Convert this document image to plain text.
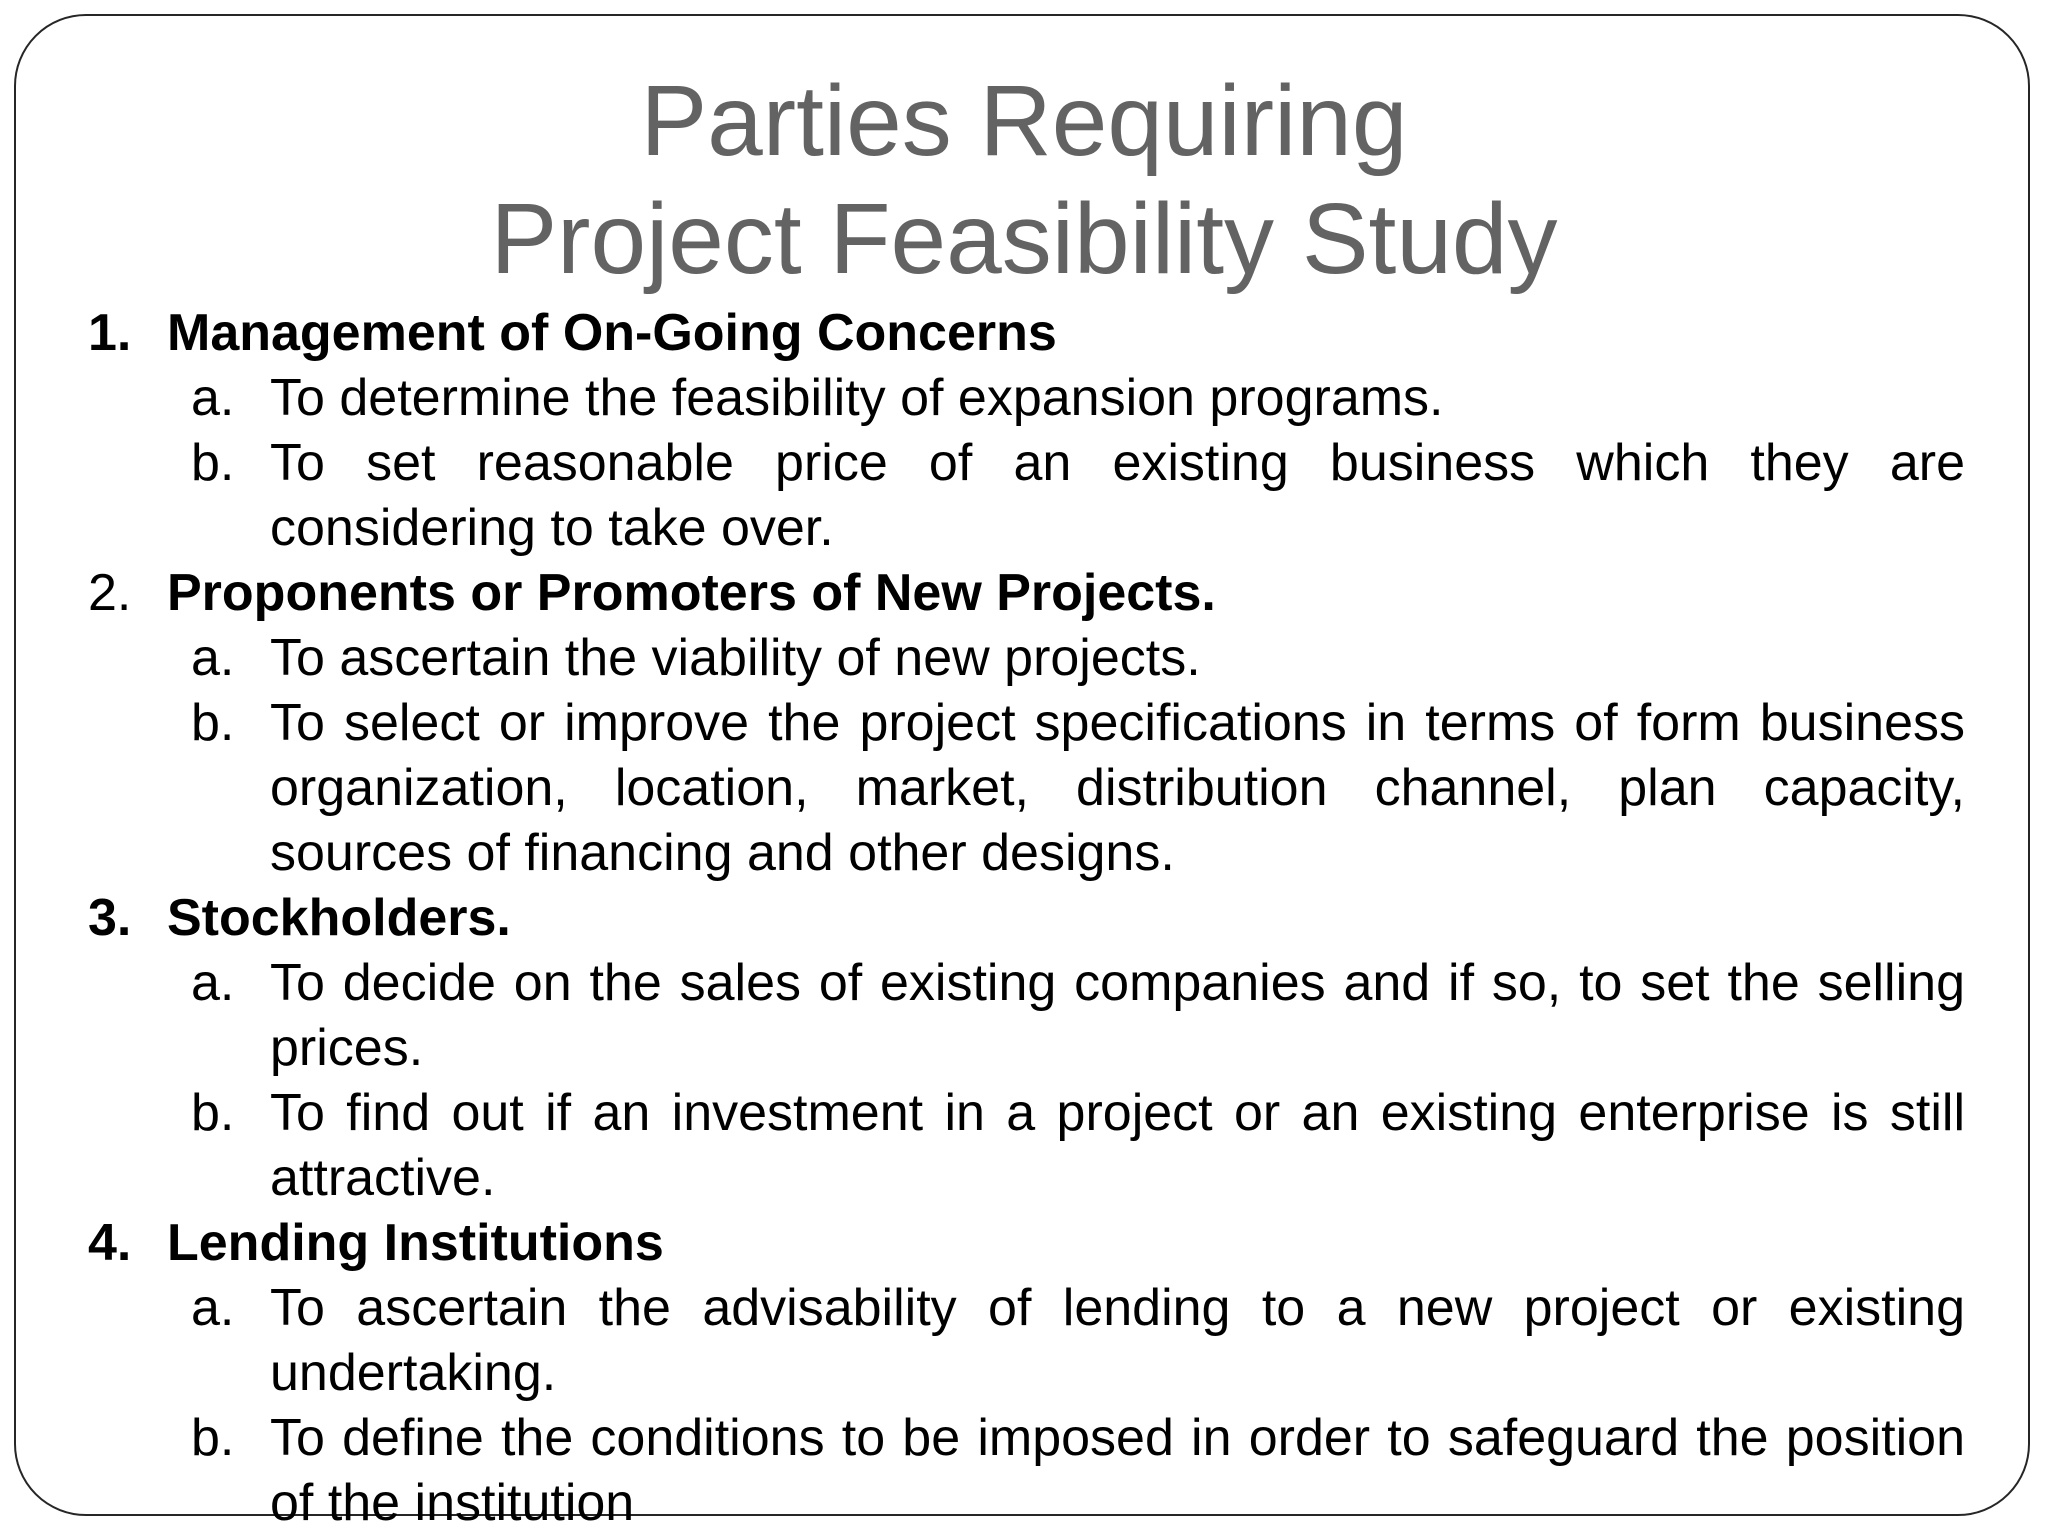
Parties Requiring
Project Feasibility Study
1. Management of On-Going Concerns
a. To determine the feasibility of expansion programs.
b. To set reasonable price of an existing business which they are considering to take over.
2. Proponents or Promoters of New Projects.
a. To ascertain the viability of new projects.
b. To select or improve the project specifications in terms of form business organization, location, market, distribution channel, plan capacity, sources of financing and other designs.
3. Stockholders.
a. To decide on the sales of existing companies and if so, to set the selling prices.
b. To find out if an investment in a project or an existing enterprise is still attractive.
4. Lending Institutions
a. To ascertain the advisability of lending to a new project or existing undertaking.
b. To define the conditions to be imposed in order to safeguard the position of the institution
